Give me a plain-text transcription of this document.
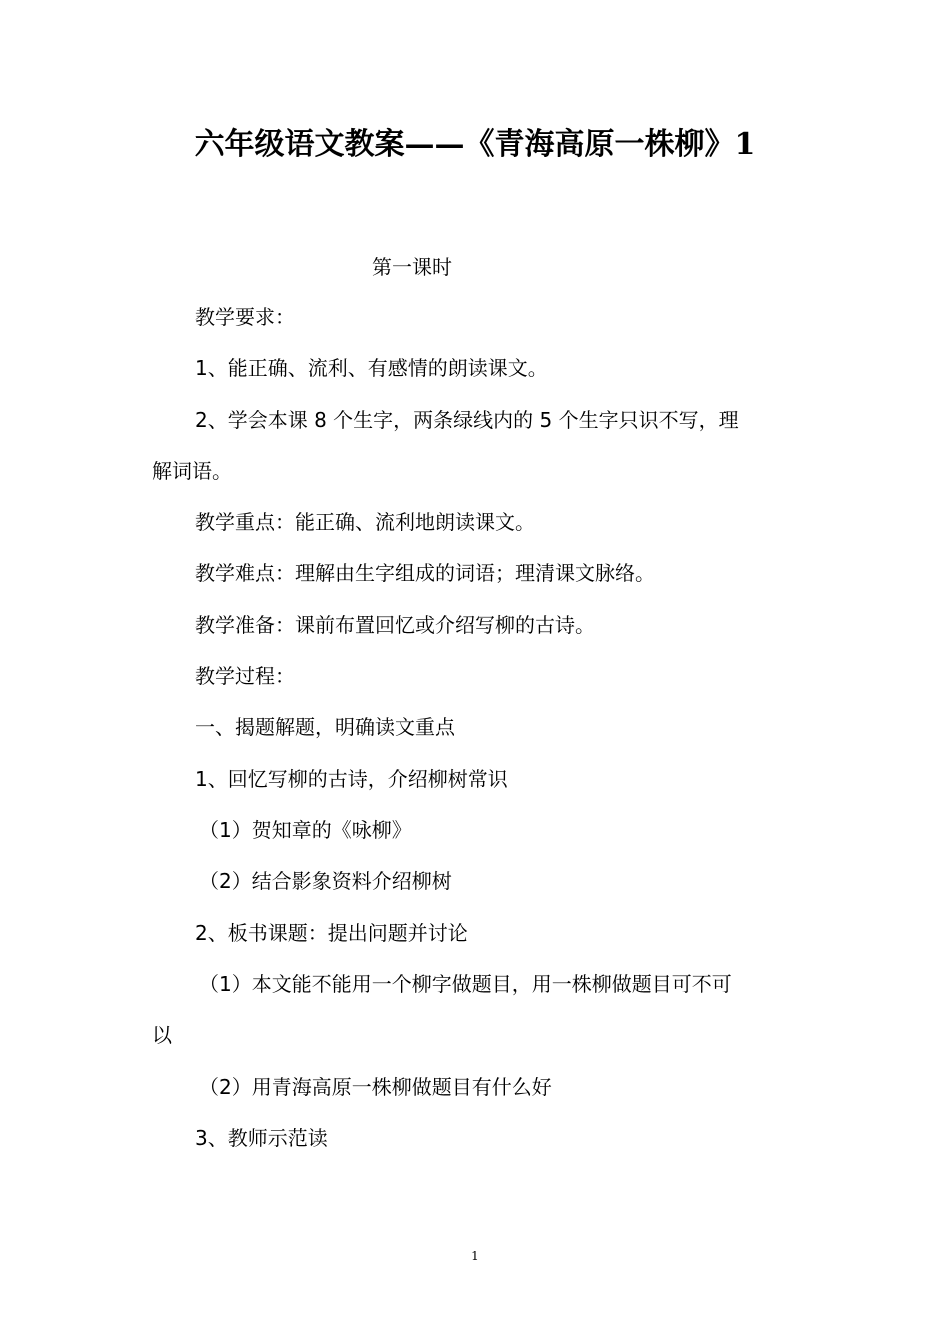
六年级语文教案——《青海高原一株柳》1
第一课时
教学要求：
1、能正确、流利、有感情的朗读课文。
2、学会本课 8 个生字，两条绿线内的 5 个生字只识不写，理
解词语。
教学重点：能正确、流利地朗读课文。
教学难点：理解由生字组成的词语；理清课文脉络。
教学准备：课前布置回忆或介绍写柳的古诗。
教学过程：
一、揭题解题，明确读文重点
1、回忆写柳的古诗，介绍柳树常识
（1）贺知章的《咏柳》
（2）结合影象资料介绍柳树
2、板书课题：提出问题并讨论
（1）本文能不能用一个柳字做题目，用一株柳做题目可不可
以
（2）用青海高原一株柳做题目有什么好
3、教师示范读
1
